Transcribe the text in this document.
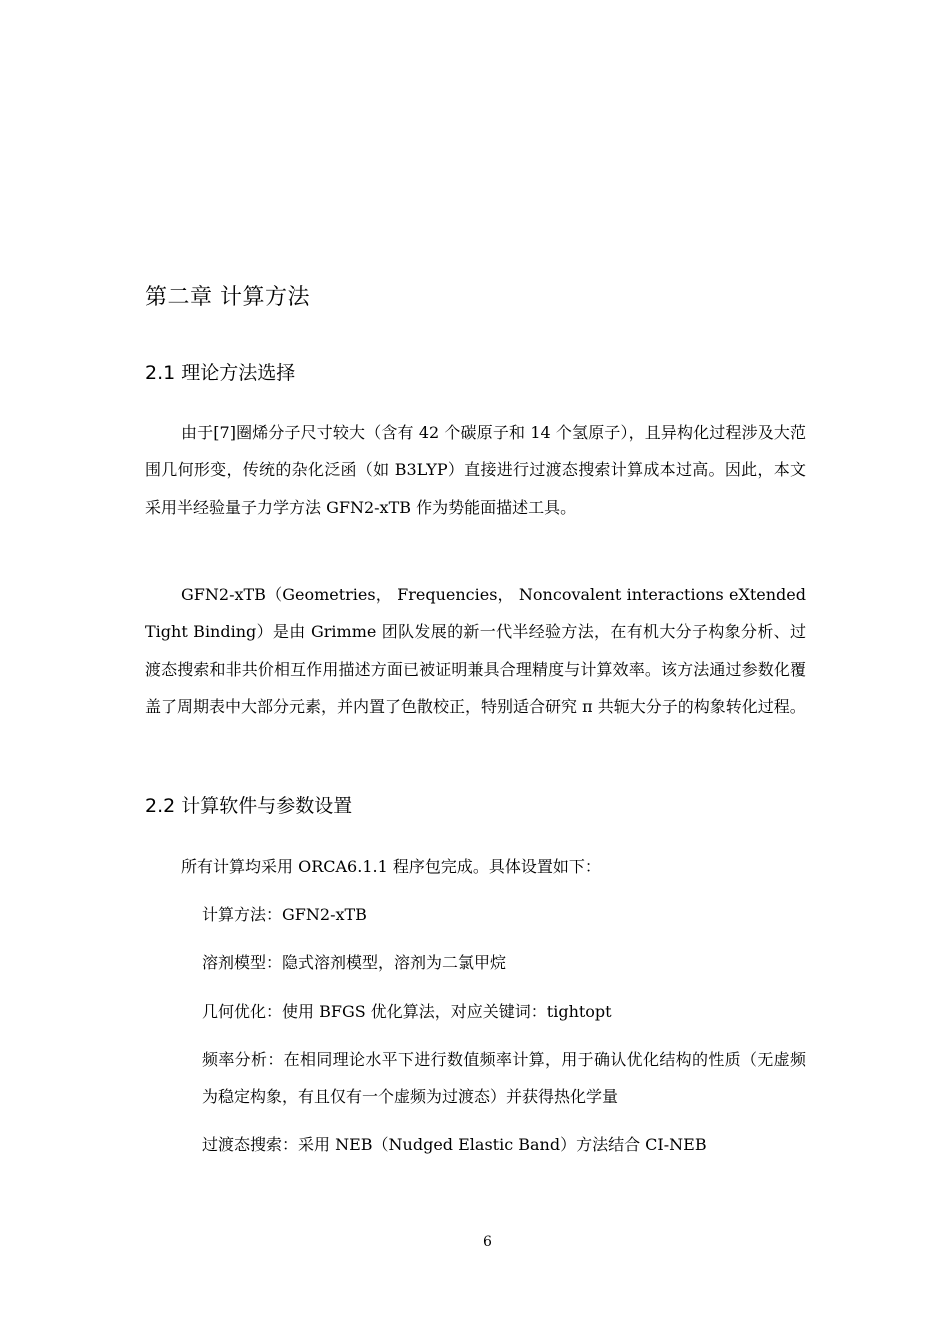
第二章 计算方法
2.1 理论方法选择

由于[7]圈烯分子尺寸较大（含有 42 个碳原子和 14 个氢原子），且异构化过程涉及大范围几何形变，传统的杂化泛函（如 B3LYP）直接进行过渡态搜索计算成本过高。因此，本文采用半经验量子力学方法 GFN2-xTB 作为势能面描述工具。

GFN2-xTB（Geometries， Frequencies， Noncovalent interactions eXtended Tight Binding）是由 Grimme 团队发展的新一代半经验方法，在有机大分子构象分析、过渡态搜索和非共价相互作用描述方面已被证明兼具合理精度与计算效率。该方法通过参数化覆盖了周期表中大部分元素，并内置了色散校正，特别适合研究 π 共轭大分子的构象转化过程。

2.2 计算软件与参数设置

所有计算均采用 ORCA6.1.1 程序包完成。具体设置如下：

计算方法：GFN2-xTB
溶剂模型：隐式溶剂模型，溶剂为二氯甲烷
几何优化：使用 BFGS 优化算法，对应关键词：tightopt
频率分析：在相同理论水平下进行数值频率计算，用于确认优化结构的性质（无虚频为稳定构象，有且仅有一个虚频为过渡态）并获得热化学量
过渡态搜索：采用 NEB（Nudged Elastic Band）方法结合 CI-NEB

6
